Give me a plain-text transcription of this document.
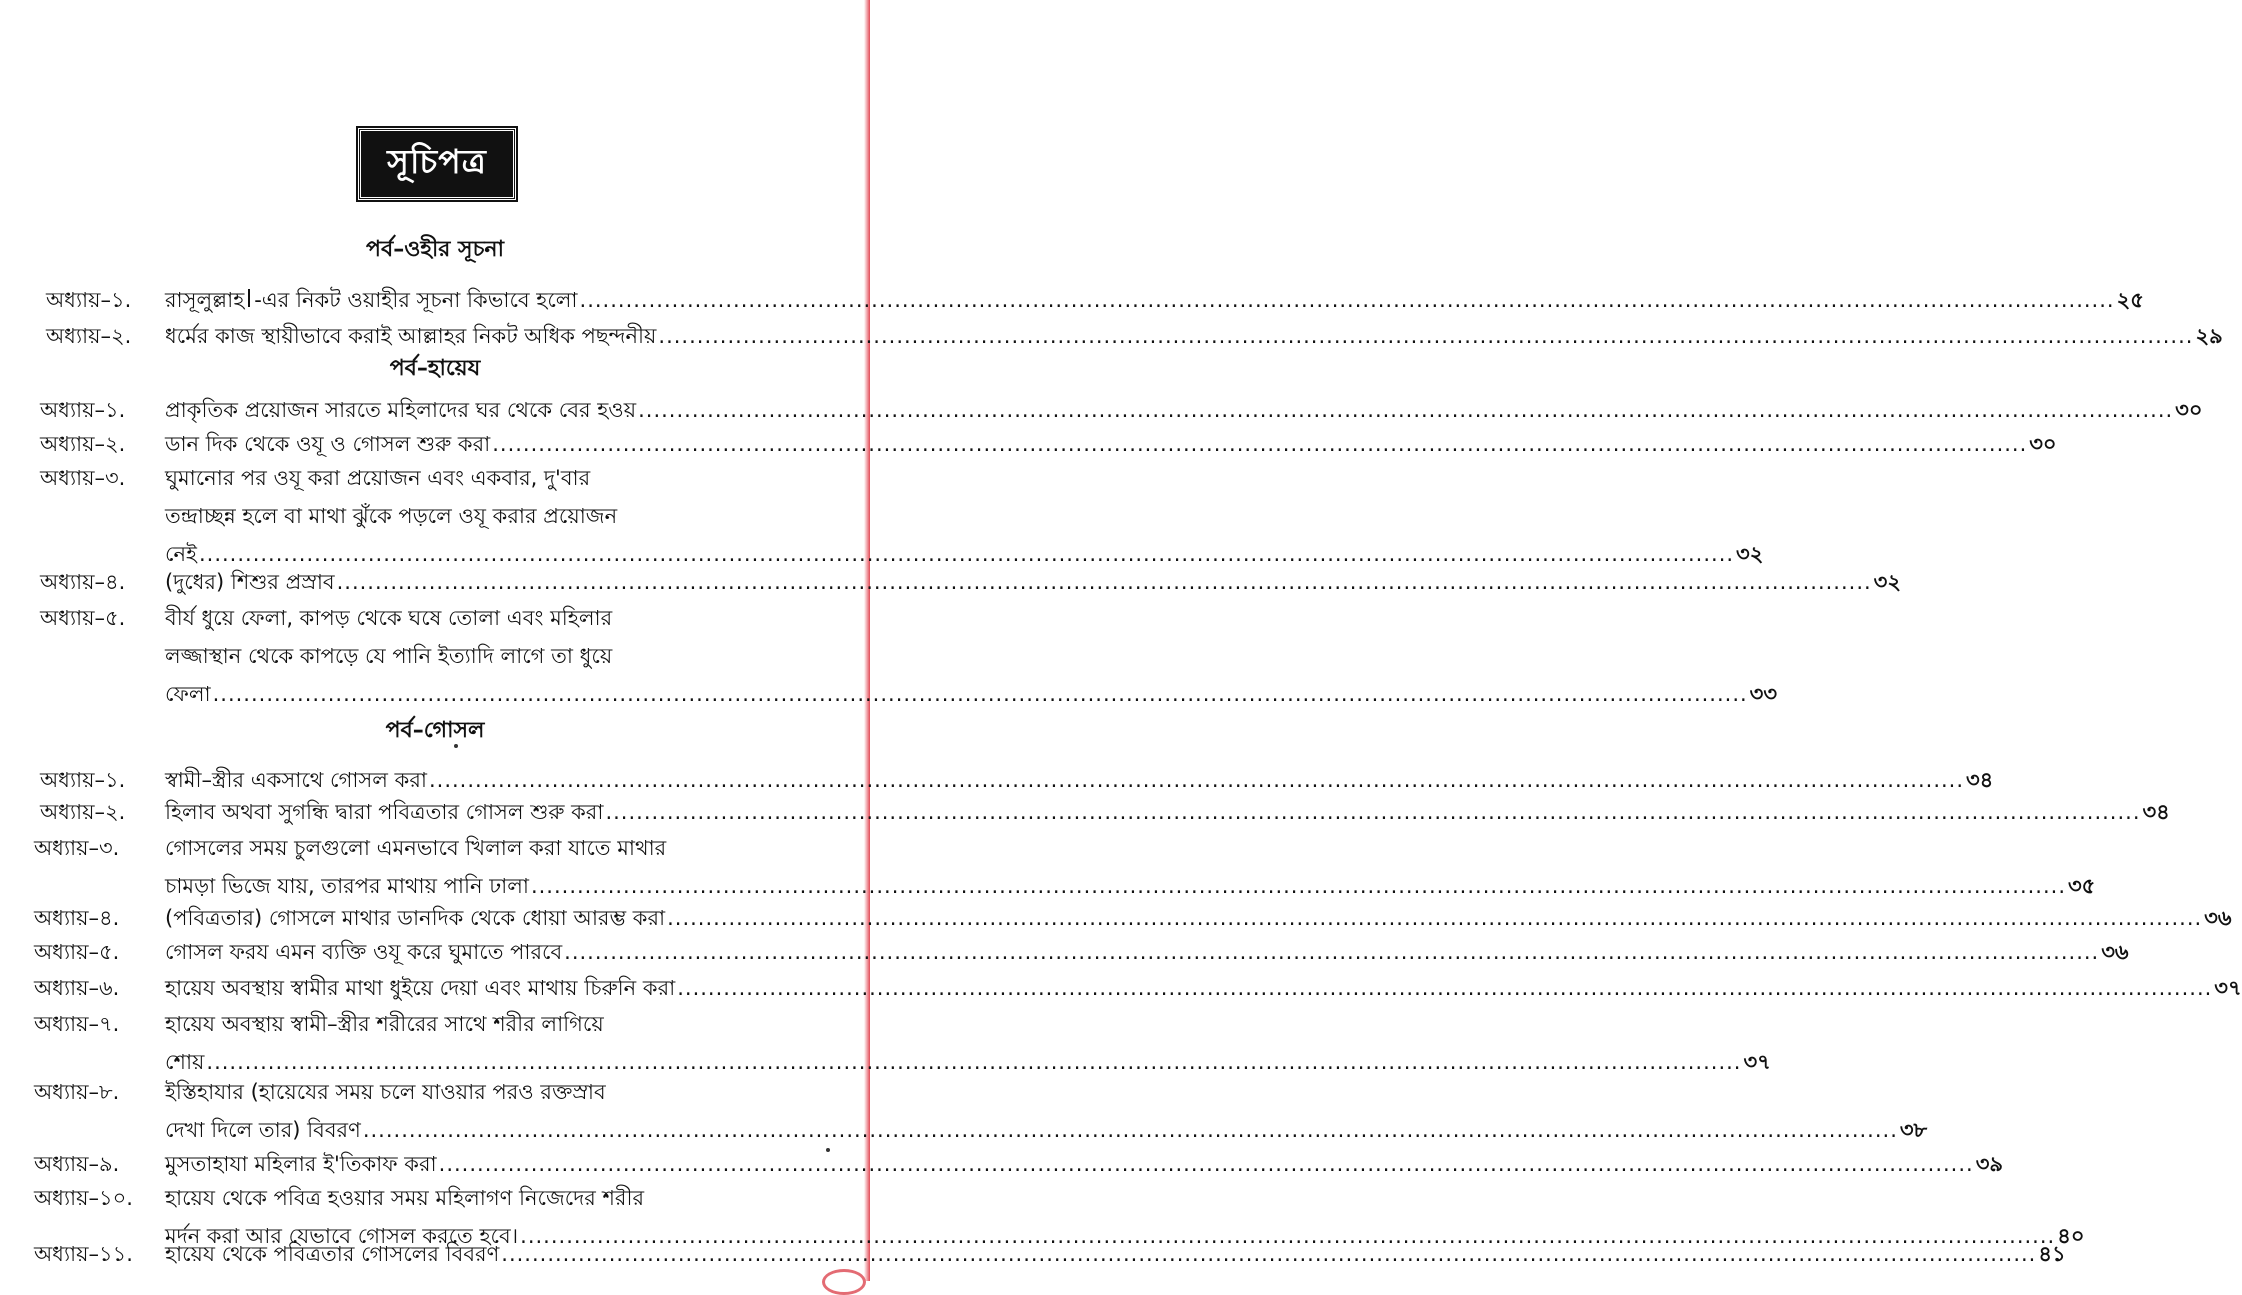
সূচিপত্র
পর্ব–ওহীর সূচনা
অধ্যায়–১. রাসূলুল্লাহ -এর নিকট ওয়াহীর সূচনা কিভাবে হলো ........................................................................................................................................................................................................ ২৫
অধ্যায়–২. ধর্মের কাজ স্থায়ীভাবে করাই আল্লাহর নিকট অধিক পছন্দনীয় ........................................................................................................................................................................................................ ২৯
পর্ব–হায়েয
অধ্যায়–১. প্রাকৃতিক প্রয়োজন সারতে মহিলাদের ঘর থেকে বের হওয় ........................................................................................................................................................................................................ ৩০
অধ্যায়–২. ডান দিক থেকে ওযূ ও গোসল শুরু করা ........................................................................................................................................................................................................ ৩০
অধ্যায়–৩. ঘুমানোর পর ওযূ করা প্রয়োজন এবং একবার, দু'বার
তন্দ্রাচ্ছন্ন হলে বা মাথা ঝুঁকে পড়লে ওযূ করার প্রয়োজন
নেই ........................................................................................................................................................................................................ ৩২
অধ্যায়–৪. (দুধের) শিশুর প্রস্রাব ........................................................................................................................................................................................................ ৩২
অধ্যায়–৫. বীর্য ধুয়ে ফেলা, কাপড় থেকে ঘষে তোলা এবং মহিলার
লজ্জাস্থান থেকে কাপড়ে যে পানি ইত্যাদি লাগে তা ধুয়ে
ফেলা ........................................................................................................................................................................................................ ৩৩
পর্ব–গোসল
অধ্যায়–১. স্বামী–স্ত্রীর একসাথে গোসল করা ........................................................................................................................................................................................................ ৩৪
অধ্যায়–২. হিলাব অথবা সুগন্ধি দ্বারা পবিত্রতার গোসল শুরু করা ........................................................................................................................................................................................................ ৩৪
অধ্যায়–৩. গোসলের সময় চুলগুলো এমনভাবে খিলাল করা যাতে মাথার
চামড়া ভিজে যায়, তারপর মাথায় পানি ঢালা ........................................................................................................................................................................................................ ৩৫
অধ্যায়–৪. (পবিত্রতার) গোসলে মাথার ডানদিক থেকে ধোয়া আরম্ভ করা ........................................................................................................................................................................................................ ৩৬
অধ্যায়–৫. গোসল ফরয এমন ব্যক্তি ওযূ করে ঘুমাতে পারবে ........................................................................................................................................................................................................ ৩৬
অধ্যায়–৬. হায়েয অবস্থায় স্বামীর মাথা ধুইয়ে দেয়া এবং মাথায় চিরুনি করা ........................................................................................................................................................................................................ ৩৭
অধ্যায়–৭. হায়েয অবস্থায় স্বামী–স্ত্রীর শরীরের সাথে শরীর লাগিয়ে
শোয় ........................................................................................................................................................................................................ ৩৭
অধ্যায়–৮. ইস্তিহাযার (হায়েযের সময় চলে যাওয়ার পরও রক্তস্রাব
দেখা দিলে তার) বিবরণ ........................................................................................................................................................................................................ ৩৮
অধ্যায়–৯. মুসতাহাযা মহিলার ই'তিকাফ করা ........................................................................................................................................................................................................ ৩৯
অধ্যায়–১০. হায়েয থেকে পবিত্র হওয়ার সময় মহিলাগণ নিজেদের শরীর
মর্দন করা আর যেভাবে গোসল করতে হবে। ........................................................................................................................................................................................................ ৪০
অধ্যায়–১১. হায়েয থেকে পবিত্রতার গোসলের বিবরণ ........................................................................................................................................................................................................ ৪১
